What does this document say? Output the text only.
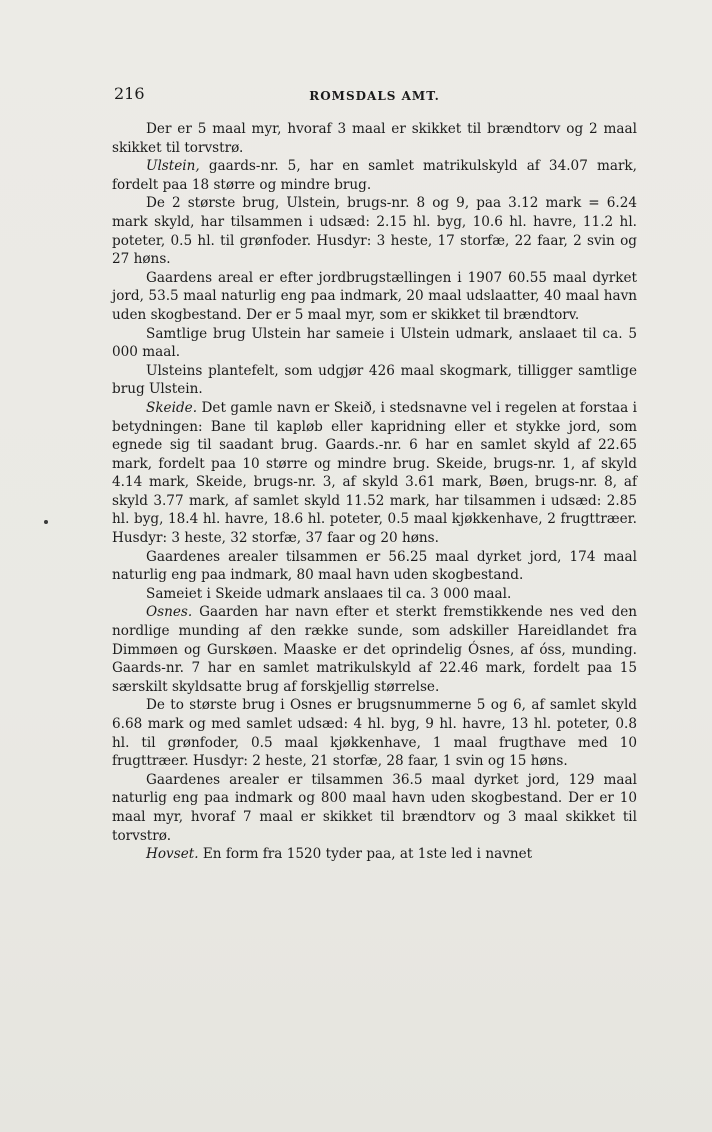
216	ROMSDALS AMT.

Der er 5 maal myr, hvoraf 3 maal er skikket til brændtorv og 2 maal skikket til torvstrø.

Ulstein, gaards-nr. 5, har en samlet matrikulskyld af 34.07 mark, fordelt paa 18 større og mindre brug.

De 2 største brug, Ulstein, brugs-nr. 8 og 9, paa 3.12 mark = 6.24 mark skyld, har tilsammen i udsæd: 2.15 hl. byg, 10.6 hl. havre, 11.2 hl. poteter, 0.5 hl. til grønfoder. Husdyr: 3 heste, 17 storfæ, 22 faar, 2 svin og 27 høns.

Gaardens areal er efter jordbrugstællingen i 1907 60.55 maal dyrket jord, 53.5 maal naturlig eng paa indmark, 20 maal udslaatter, 40 maal havn uden skogbestand. Der er 5 maal myr, som er skikket til brændtorv.

Samtlige brug Ulstein har sameie i Ulstein udmark, anslaaet til ca. 5 000 maal.

Ulsteins plantefelt, som udgjør 426 maal skogmark, tilligger samtlige brug Ulstein.

Skeide. Det gamle navn er Skeið, i stedsnavne vel i regelen at forstaa i betydningen: Bane til kapløb eller kapridning eller et stykke jord, som egnede sig til saadant brug. Gaards.-nr. 6 har en samlet skyld af 22.65 mark, fordelt paa 10 større og mindre brug. Skeide, brugs-nr. 1, af skyld 4.14 mark, Skeide, brugs-nr. 3, af skyld 3.61 mark, Bøen, brugs-nr. 8, af skyld 3.77 mark, af samlet skyld 11.52 mark, har tilsammen i udsæd: 2.85 hl. byg, 18.4 hl. havre, 18.6 hl. poteter, 0.5 maal kjøkkenhave, 2 frugttræer. Husdyr: 3 heste, 32 storfæ, 37 faar og 20 høns.

Gaardenes arealer tilsammen er 56.25 maal dyrket jord, 174 maal naturlig eng paa indmark, 80 maal havn uden skogbestand.

Sameiet i Skeide udmark anslaaes til ca. 3 000 maal.

Osnes. Gaarden har navn efter et sterkt fremstikkende nes ved den nordlige munding af den række sunde, som adskiller Hareidlandet fra Dimmøen og Gurskøen. Maaske er det oprindelig Ósnes, af óss, munding. Gaards-nr. 7 har en samlet matrikulskyld af 22.46 mark, fordelt paa 15 særskilt skyldsatte brug af forskjellig størrelse.

De to største brug i Osnes er brugsnummerne 5 og 6, af samlet skyld 6.68 mark og med samlet udsæd: 4 hl. byg, 9 hl. havre, 13 hl. poteter, 0.8 hl. til grønfoder, 0.5 maal kjøkkenhave, 1 maal frugthave med 10 frugttræer. Husdyr: 2 heste, 21 storfæ, 28 faar, 1 svin og 15 høns.

Gaardenes arealer er tilsammen 36.5 maal dyrket jord, 129 maal naturlig eng paa indmark og 800 maal havn uden skogbestand. Der er 10 maal myr, hvoraf 7 maal er skikket til brændtorv og 3 maal skikket til torvstrø.

Hovset. En form fra 1520 tyder paa, at 1ste led i navnet
